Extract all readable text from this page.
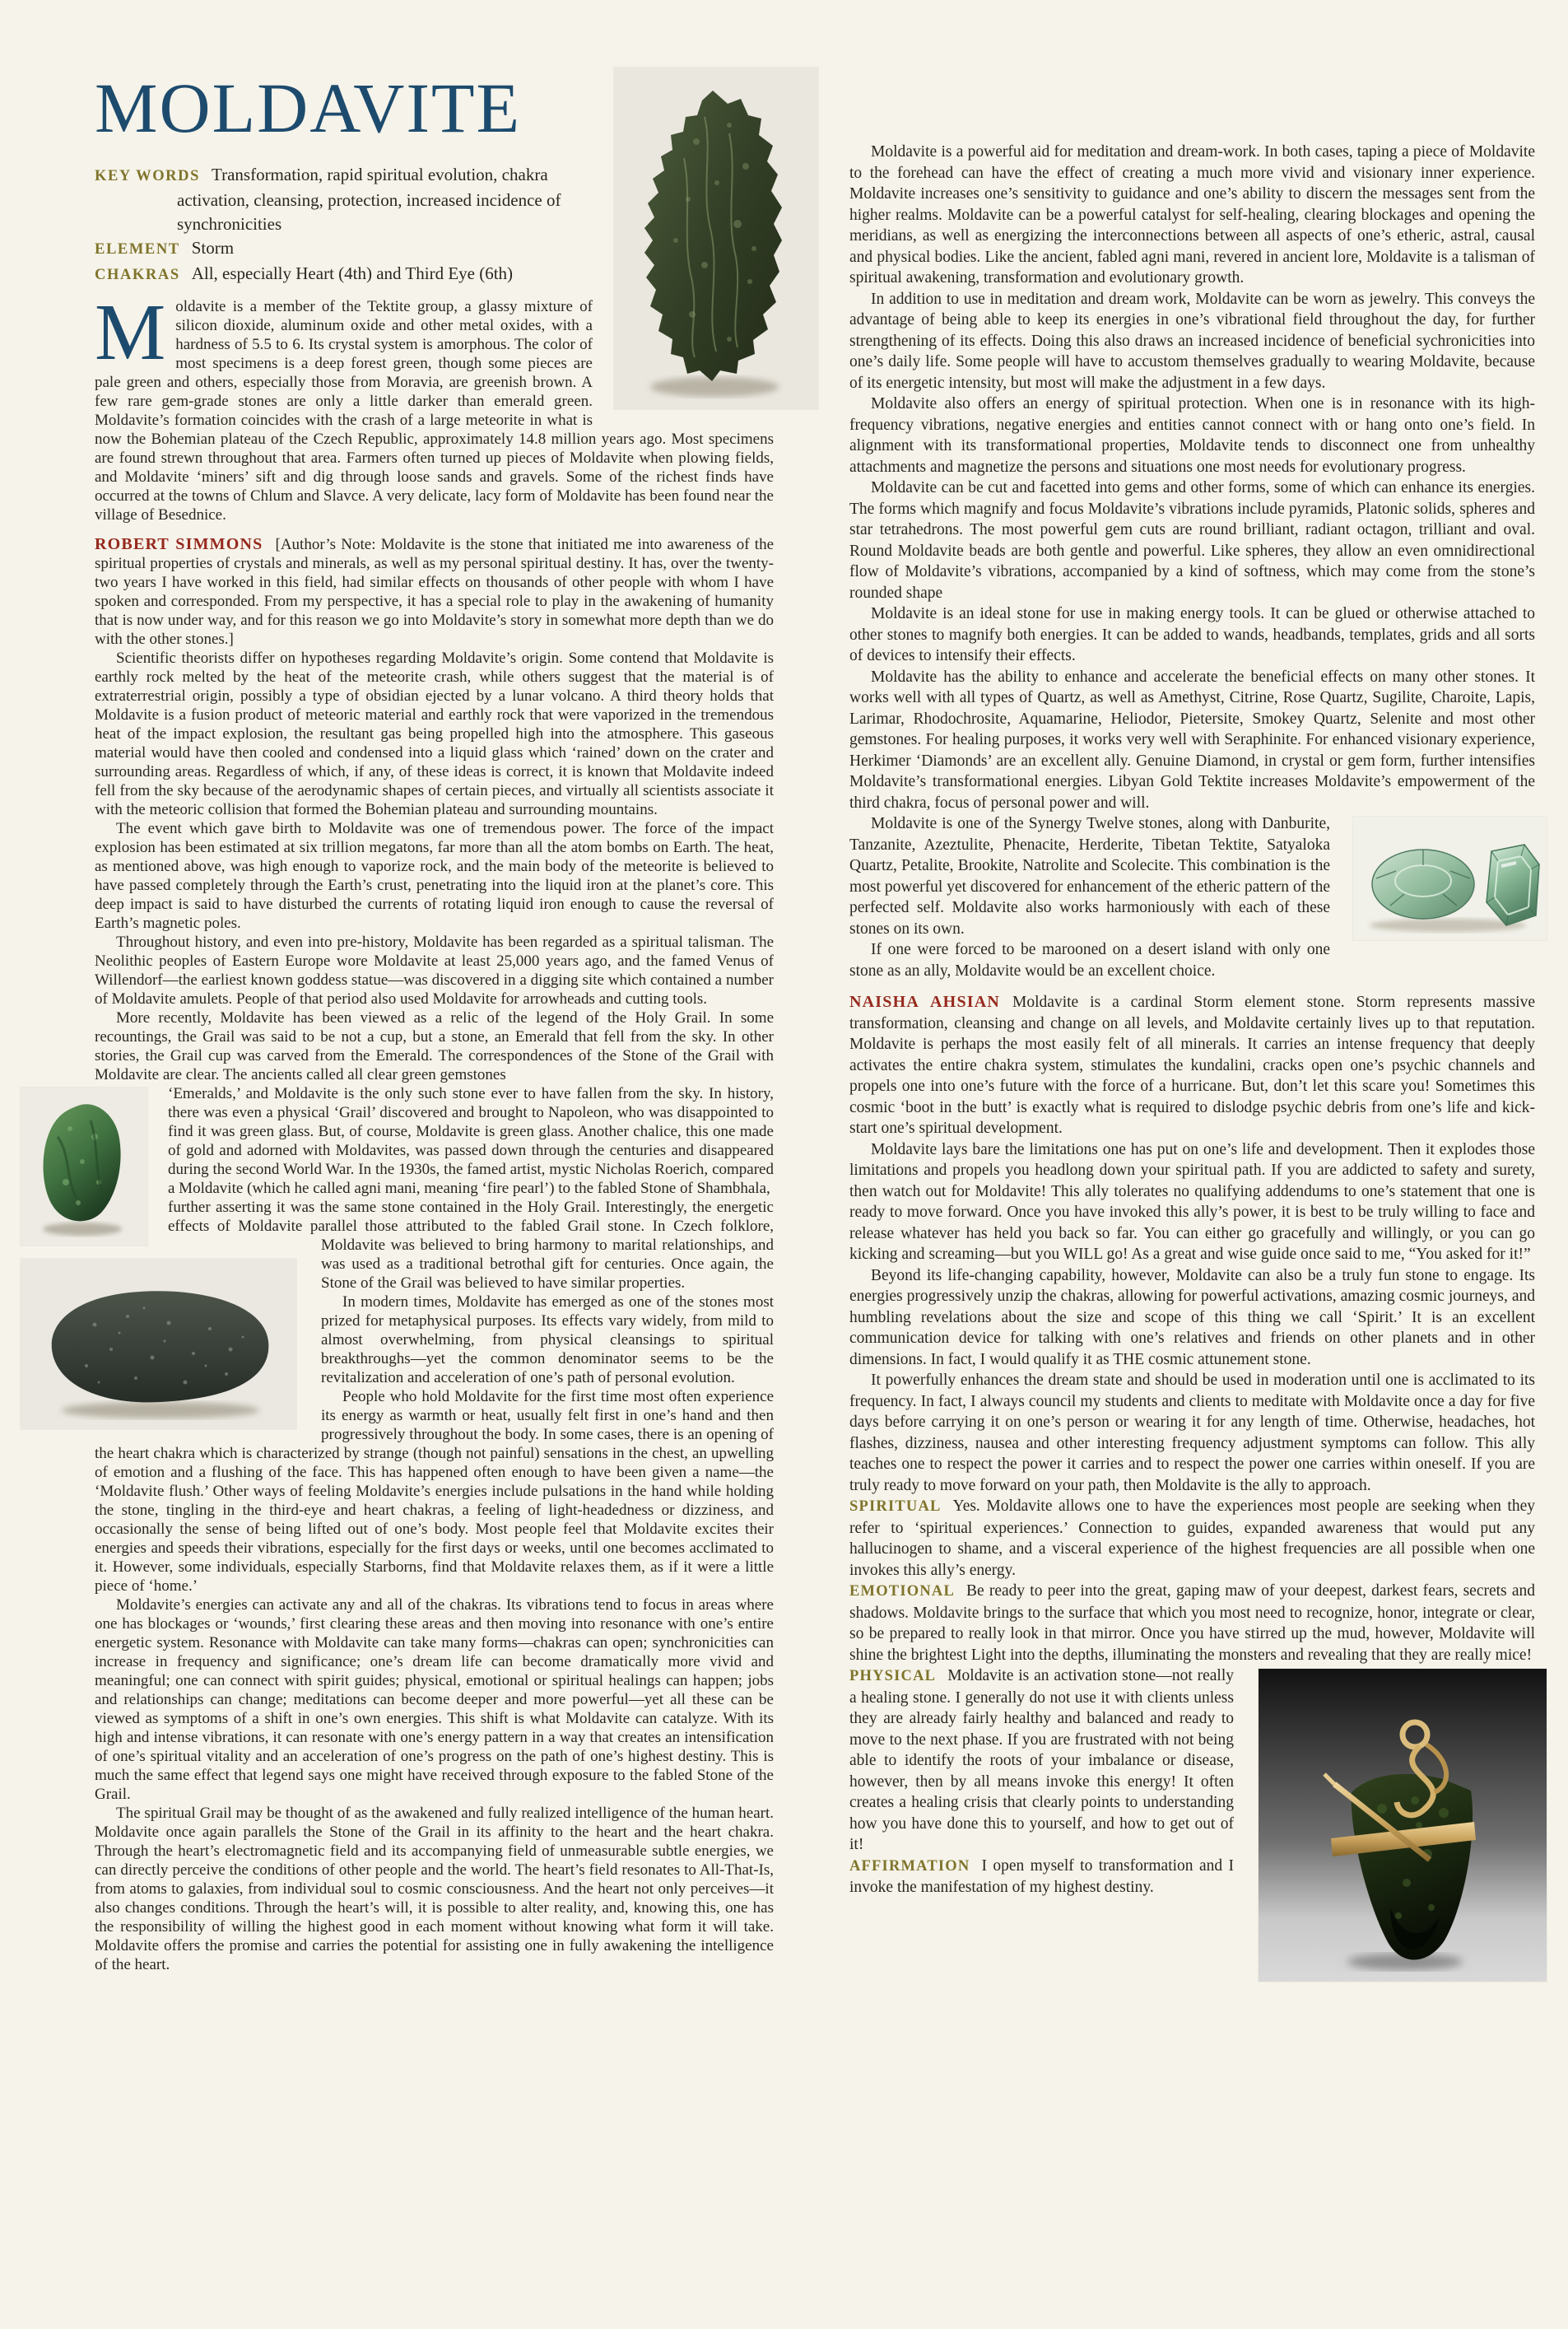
MOLDAVITE

KEY WORDS Transformation, rapid spiritual evolution, chakra activation, cleansing, protection, increased incidence of synchronicities

ELEMENT Storm

CHAKRAS All, especially Heart (4th) and Third Eye (6th)

Moldavite is a member of the Tektite group, a glassy mixture of silicon dioxide, aluminum oxide and other metal oxides, with a hardness of 5.5 to 6. Its crystal system is amorphous. The color of most specimens is a deep forest green, though some pieces are pale green and others, especially those from Moravia, are greenish brown. A few rare gem-grade stones are only a little darker than emerald green. Moldavite’s formation coincides with the crash of a large meteorite in what is now the Bohemian plateau of the Czech Republic, approximately 14.8 million years ago. Most specimens are found strewn throughout that area. Farmers often turned up pieces of Moldavite when plowing fields, and Moldavite ‘miners’ sift and dig through loose sands and gravels. Some of the richest finds have occurred at the towns of Chlum and Slavce. A very delicate, lacy form of Moldavite has been found near the village of Besednice.

ROBERT SIMMONS [Author’s Note: Moldavite is the stone that initiated me into awareness of the spiritual properties of crystals and minerals, as well as my personal spiritual destiny. It has, over the twenty-two years I have worked in this field, had similar effects on thousands of other people with whom I have spoken and corresponded. From my perspective, it has a special role to play in the awakening of humanity that is now under way, and for this reason we go into Moldavite’s story in somewhat more depth than we do with the other stones.]

Scientific theorists differ on hypotheses regarding Moldavite’s origin. Some contend that Moldavite is earthly rock melted by the heat of the meteorite crash, while others suggest that the material is of extraterrestrial origin, possibly a type of obsidian ejected by a lunar volcano. A third theory holds that Moldavite is a fusion product of meteoric material and earthly rock that were vaporized in the tremendous heat of the impact explosion, the resultant gas being propelled high into the atmosphere. This gaseous material would have then cooled and condensed into a liquid glass which ‘rained’ down on the crater and surrounding areas. Regardless of which, if any, of these ideas is correct, it is known that Moldavite indeed fell from the sky because of the aerodynamic shapes of certain pieces, and virtually all scientists associate it with the meteoric collision that formed the Bohemian plateau and surrounding mountains.

The event which gave birth to Moldavite was one of tremendous power. The force of the impact explosion has been estimated at six trillion megatons, far more than all the atom bombs on Earth. The heat, as mentioned above, was high enough to vaporize rock, and the main body of the meteorite is believed to have passed completely through the Earth’s crust, penetrating into the liquid iron at the planet’s core. This deep impact is said to have disturbed the currents of rotating liquid iron enough to cause the reversal of Earth’s magnetic poles.

Throughout history, and even into pre-history, Moldavite has been regarded as a spiritual talisman. The Neolithic peoples of Eastern Europe wore Moldavite at least 25,000 years ago, and the famed Venus of Willendorf—the earliest known goddess statue—was discovered in a digging site which contained a number of Moldavite amulets. People of that period also used Moldavite for arrowheads and cutting tools.

More recently, Moldavite has been viewed as a relic of the legend of the Holy Grail. In some recountings, the Grail was said to be not a cup, but a stone, an Emerald that fell from the sky. In other stories, the Grail cup was carved from the Emerald. The correspondences of the Stone of the Grail with Moldavite are clear. The ancients called all clear green gemstones

‘Emeralds,’ and Moldavite is the only such stone ever to have fallen from the sky. In history, there was even a physical ‘Grail’ discovered and brought to Napoleon, who was disappointed to find it was green glass. But, of course, Moldavite is green glass. Another chalice, this one made of gold and adorned with Moldavites, was passed down through the centuries and disappeared during the second World War. In the 1930s, the famed artist, mystic Nicholas Roerich, compared a Moldavite (which he called agni mani, meaning ‘fire pearl’) to the fabled Stone of Shambhala,

further asserting it was the same stone contained in the Holy Grail. Interestingly, the energetic effects of Moldavite parallel those attributed to the fabled Grail stone. In Czech folklore, Moldavite was believed to bring harmony to marital relationships, and was used as a traditional betrothal gift for centuries. Once again, the Stone of the Grail was believed to have similar properties.

In modern times, Moldavite has emerged as one of the stones most prized for metaphysical purposes. Its effects vary widely, from mild to almost overwhelming, from physical cleansings to spiritual breakthroughs—yet the common denominator seems to be the revitalization and acceleration of one’s path of personal evolution.

People who hold Moldavite for the first time most often experience its energy as warmth or heat, usually felt first in one’s hand and then progressively throughout the body. In some cases, there is an opening of the heart chakra which is characterized by strange (though not painful) sensations in the chest, an upwelling of emotion and a flushing of the face. This has happened often enough to have been given a name—the ‘Moldavite flush.’ Other ways of feeling Moldavite’s energies include pulsations in the hand while holding the stone, tingling in the third-eye and heart chakras, a feeling of light-headedness or dizziness, and occasionally the sense of being lifted out of one’s body. Most people feel that Moldavite excites their energies and speeds their vibrations, especially for the first days or weeks, until one becomes acclimated to it. However, some individuals, especially Starborns, find that Moldavite relaxes them, as if it were a little piece of ‘home.’

Moldavite’s energies can activate any and all of the chakras. Its vibrations tend to focus in areas where one has blockages or ‘wounds,’ first clearing these areas and then moving into resonance with one’s entire energetic system. Resonance with Moldavite can take many forms—chakras can open; synchronicities can increase in frequency and significance; one’s dream life can become dramatically more vivid and meaningful; one can connect with spirit guides; physical, emotional or spiritual healings can happen; jobs and relationships can change; meditations can become deeper and more powerful—yet all these can be viewed as symptoms of a shift in one’s own energies. This shift is what Moldavite can catalyze. With its high and intense vibrations, it can resonate with one’s energy pattern in a way that creates an intensification of one’s spiritual vitality and an acceleration of one’s progress on the path of one’s highest destiny. This is much the same effect that legend says one might have received through exposure to the fabled Stone of the Grail.

The spiritual Grail may be thought of as the awakened and fully realized intelligence of the human heart. Moldavite once again parallels the Stone of the Grail in its affinity to the heart and the heart chakra. Through the heart’s electromagnetic field and its accompanying field of unmeasurable subtle energies, we can directly perceive the conditions of other people and the world. The heart’s field resonates to All-That-Is, from atoms to galaxies, from individual soul to cosmic consciousness. And the heart not only perceives—it also changes conditions. Through the heart’s will, it is possible to alter reality, and, knowing this, one has the responsibility of willing the highest good in each moment without knowing what form it will take. Moldavite offers the promise and carries the potential for assisting one in fully awakening the intelligence of the heart.

Moldavite is a powerful aid for meditation and dream-work. In both cases, taping a piece of Moldavite to the forehead can have the effect of creating a much more vivid and visionary inner experience. Moldavite increases one’s sensitivity to guidance and one’s ability to discern the messages sent from the higher realms. Moldavite can be a powerful catalyst for self-healing, clearing blockages and opening the meridians, as well as energizing the interconnections between all aspects of one’s etheric, astral, causal and physical bodies. Like the ancient, fabled agni mani, revered in ancient lore, Moldavite is a talisman of spiritual awakening, transformation and evolutionary growth.

In addition to use in meditation and dream work, Moldavite can be worn as jewelry. This conveys the advantage of being able to keep its energies in one’s vibrational field throughout the day, for further strengthening of its effects. Doing this also draws an increased incidence of beneficial sychronicities into one’s daily life. Some people will have to accustom themselves gradually to wearing Moldavite, because of its energetic intensity, but most will make the adjustment in a few days.

Moldavite also offers an energy of spiritual protection. When one is in resonance with its high-frequency vibrations, negative energies and entities cannot connect with or hang onto one’s field. In alignment with its transformational properties, Moldavite tends to disconnect one from unhealthy attachments and magnetize the persons and situations one most needs for evolutionary progress.

Moldavite can be cut and facetted into gems and other forms, some of which can enhance its energies. The forms which magnify and focus Moldavite’s vibrations include pyramids, Platonic solids, spheres and star tetrahedrons. The most powerful gem cuts are round brilliant, radiant octagon, trilliant and oval. Round Moldavite beads are both gentle and powerful. Like spheres, they allow an even omnidirectional flow of Moldavite’s vibrations, accompanied by a kind of softness, which may come from the stone’s rounded shape

Moldavite is an ideal stone for use in making energy tools. It can be glued or otherwise attached to other stones to magnify both energies. It can be added to wands, headbands, templates, grids and all sorts of devices to intensify their effects.

Moldavite has the ability to enhance and accelerate the beneficial effects on many other stones. It works well with all types of Quartz, as well as Amethyst, Citrine, Rose Quartz, Sugilite, Charoite, Lapis, Larimar, Rhodochrosite, Aquamarine, Heliodor, Pietersite, Smokey Quartz, Selenite and most other gemstones. For healing purposes, it works very well with Seraphinite. For enhanced visionary experience, Herkimer ‘Diamonds’ are an excellent ally. Genuine Diamond, in crystal or gem form, further intensifies Moldavite’s transformational energies. Libyan Gold Tektite increases Moldavite’s empowerment of the third chakra, focus of personal power and will.

Moldavite is one of the Synergy Twelve stones, along with Danburite, Tanzanite, Azeztulite, Phenacite, Herderite, Tibetan Tektite, Satyaloka Quartz, Petalite, Brookite, Natrolite and Scolecite. This combination is the most powerful yet discovered for enhancement of the etheric pattern of the perfected self. Moldavite also works harmoniously with each of these stones on its own.

If one were forced to be marooned on a desert island with only one stone as an ally, Moldavite would be an excellent choice.

NAISHA AHSIAN Moldavite is a cardinal Storm element stone. Storm represents massive transformation, cleansing and change on all levels, and Moldavite certainly lives up to that reputation. Moldavite is perhaps the most easily felt of all minerals. It carries an intense frequency that deeply activates the entire chakra system, stimulates the kundalini, cracks open one’s psychic channels and propels one into one’s future with the force of a hurricane. But, don’t let this scare you! Sometimes this cosmic ‘boot in the butt’ is exactly what is required to dislodge psychic debris from one’s life and kick-start one’s spiritual development.

Moldavite lays bare the limitations one has put on one’s life and development. Then it explodes those limitations and propels you headlong down your spiritual path. If you are addicted to safety and surety, then watch out for Moldavite! This ally tolerates no qualifying addendums to one’s statement that one is ready to move forward. Once you have invoked this ally’s power, it is best to be truly willing to face and release whatever has held you back so far. You can either go gracefully and willingly, or you can go kicking and screaming—but you WILL go! As a great and wise guide once said to me, “You asked for it!”

Beyond its life-changing capability, however, Moldavite can also be a truly fun stone to engage. Its energies progressively unzip the chakras, allowing for powerful activations, amazing cosmic journeys, and humbling revelations about the size and scope of this thing we call ‘Spirit.’ It is an excellent communication device for talking with one’s relatives and friends on other planets and in other dimensions. In fact, I would qualify it as THE cosmic attunement stone.

It powerfully enhances the dream state and should be used in moderation until one is acclimated to its frequency. In fact, I always council my students and clients to meditate with Moldavite once a day for five days before carrying it on one’s person or wearing it for any length of time. Otherwise, headaches, hot flashes, dizziness, nausea and other interesting frequency adjustment symptoms can follow. This ally teaches one to respect the power it carries and to respect the power one carries within oneself. If you are truly ready to move forward on your path, then Moldavite is the ally to approach.

SPIRITUAL Yes. Moldavite allows one to have the experiences most people are seeking when they refer to ‘spiritual experiences.’ Connection to guides, expanded awareness that would put any hallucinogen to shame, and a visceral experience of the highest frequencies are all possible when one invokes this ally’s energy.

EMOTIONAL Be ready to peer into the great, gaping maw of your deepest, darkest fears, secrets and shadows. Moldavite brings to the surface that which you most need to recognize, honor, integrate or clear, so be prepared to really look in that mirror. Once you have stirred up the mud, however, Moldavite will shine the brightest Light into the depths, illuminating the monsters and revealing that they are really mice!

PHYSICAL Moldavite is an activation stone—not really a healing stone. I generally do not use it with clients unless they are already fairly healthy and balanced and ready to move to the next phase. If you are frustrated with not being able to identify the roots of your imbalance or disease, however, then by all means invoke this energy! It often creates a healing crisis that clearly points to understanding how you have done this to yourself, and how to get out of it!

AFFIRMATION I open myself to transformation and I invoke the manifestation of my highest destiny.
